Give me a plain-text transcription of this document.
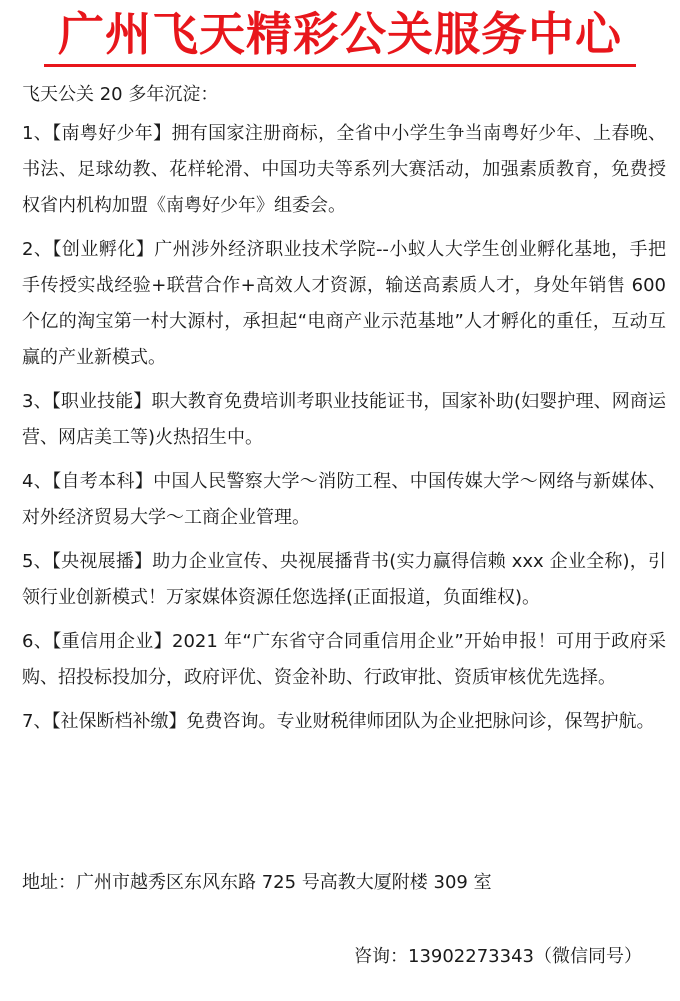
广州飞天精彩公关服务中心

飞天公关 20 多年沉淀：

1、【南粤好少年】拥有国家注册商标，全省中小学生争当南粤好少年、上春晚、书法、足球幼教、花样轮滑、中国功夫等系列大赛活动，加强素质教育，免费授权省内机构加盟《南粤好少年》组委会。
2、【创业孵化】广州涉外经济职业技术学院--小蚁人大学生创业孵化基地，手把手传授实战经验+联营合作+高效人才资源，输送高素质人才，身处年销售 600 个亿的淘宝第一村大源村，承担起“电商产业示范基地”人才孵化的重任，互动互赢的产业新模式。
3、【职业技能】职大教育免费培训考职业技能证书，国家补助(妇婴护理、网商运营、网店美工等)火热招生中。
4、【自考本科】中国人民警察大学～消防工程、中国传媒大学～网络与新媒体、对外经济贸易大学～工商企业管理。
5、【央视展播】助力企业宣传、央视展播背书(实力赢得信赖 xxx 企业全称)，引领行业创新模式！万家媒体资源任您选择(正面报道，负面维权)。
6、【重信用企业】2021 年“广东省守合同重信用企业”开始申报！可用于政府采购、招投标投加分，政府评优、资金补助、行政审批、资质审核优先选择。
7、【社保断档补缴】免费咨询。专业财税律师团队为企业把脉问诊，保驾护航。

地址：广州市越秀区东风东路 725 号高教大厦附楼 309 室

咨询：13902273343（微信同号）
